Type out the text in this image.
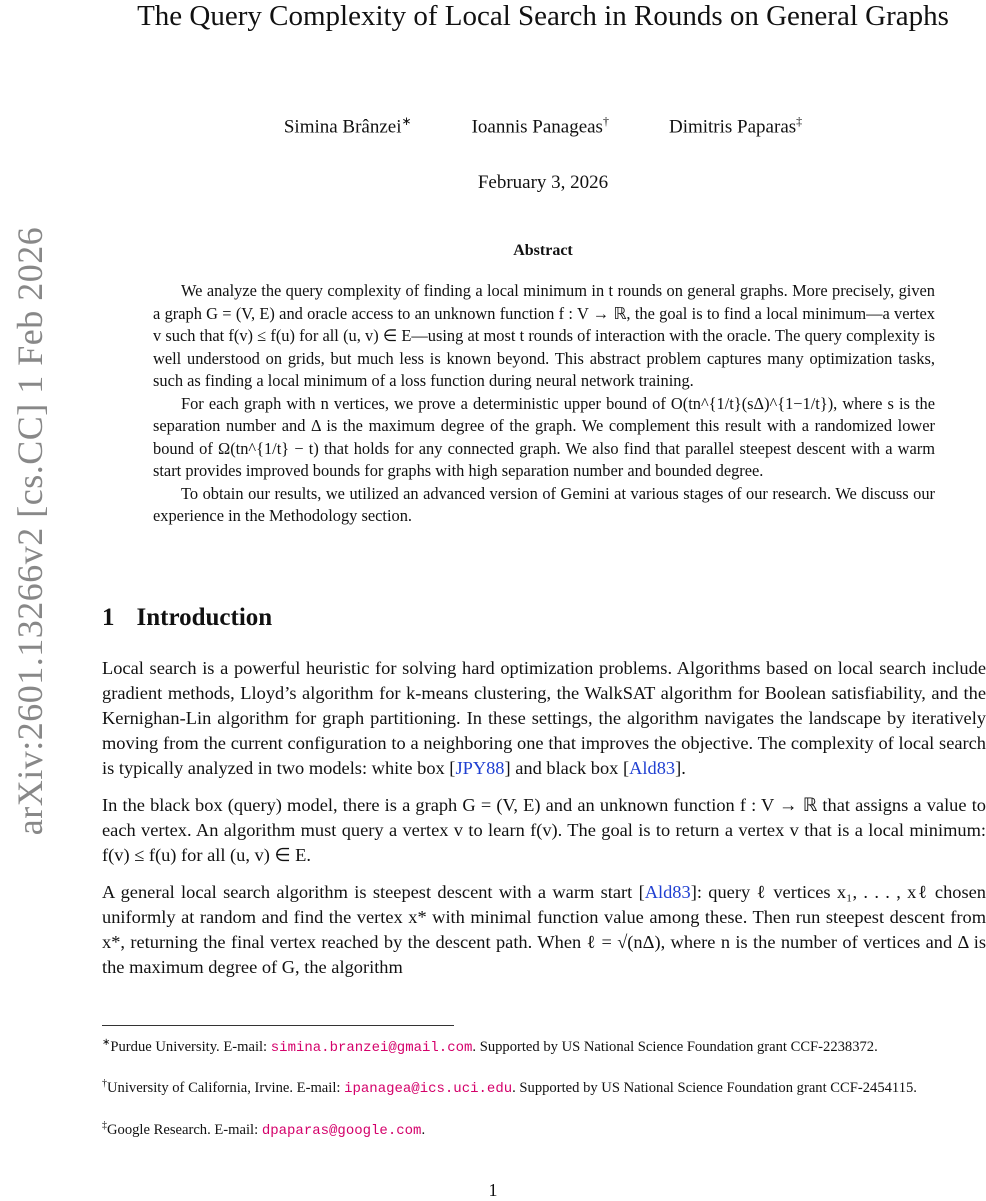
arXiv:2601.13266v2 [cs.CC] 1 Feb 2026
The Query Complexity of Local Search in Rounds on General Graphs
Simina Brânzei∗	Ioannis Panageas†	Dimitris Paparas‡
February 3, 2026
Abstract

We analyze the query complexity of finding a local minimum in t rounds on general graphs. More precisely, given a graph G = (V, E) and oracle access to an unknown function f : V → ℝ, the goal is to find a local minimum—a vertex v such that f(v) ≤ f(u) for all (u, v) ∈ E—using at most t rounds of interaction with the oracle. The query complexity is well understood on grids, but much less is known beyond. This abstract problem captures many optimization tasks, such as finding a local minimum of a loss function during neural network training.

For each graph with n vertices, we prove a deterministic upper bound of O(tn^{1/t}(sΔ)^{1−1/t}), where s is the separation number and Δ is the maximum degree of the graph. We complement this result with a randomized lower bound of Ω(tn^{1/t} − t) that holds for any connected graph. We also find that parallel steepest descent with a warm start provides improved bounds for graphs with high separation number and bounded degree.

To obtain our results, we utilized an advanced version of Gemini at various stages of our research. We discuss our experience in the Methodology section.

1 Introduction

Local search is a powerful heuristic for solving hard optimization problems. Algorithms based on local search include gradient methods, Lloyd’s algorithm for k-means clustering, the WalkSAT algorithm for Boolean satisfiability, and the Kernighan-Lin algorithm for graph partitioning. In these settings, the algorithm navigates the landscape by iteratively moving from the current configuration to a neighboring one that improves the objective. The complexity of local search is typically analyzed in two models: white box [JPY88] and black box [Ald83].

In the black box (query) model, there is a graph G = (V, E) and an unknown function f : V → ℝ that assigns a value to each vertex. An algorithm must query a vertex v to learn f(v). The goal is to return a vertex v that is a local minimum: f(v) ≤ f(u) for all (u, v) ∈ E.

A general local search algorithm is steepest descent with a warm start [Ald83]: query ℓ vertices x₁, . . . , xℓ chosen uniformly at random and find the vertex x* with minimal function value among these. Then run steepest descent from x*, returning the final vertex reached by the descent path. When ℓ = √(nΔ), where n is the number of vertices and Δ is the maximum degree of G, the algorithm

∗Purdue University. E-mail: simina.branzei@gmail.com. Supported by US National Science Foundation grant CCF-2238372.
†University of California, Irvine. E-mail: ipanagea@ics.uci.edu. Supported by US National Science Foundation grant CCF-2454115.
‡Google Research. E-mail: dpaparas@google.com.
1
